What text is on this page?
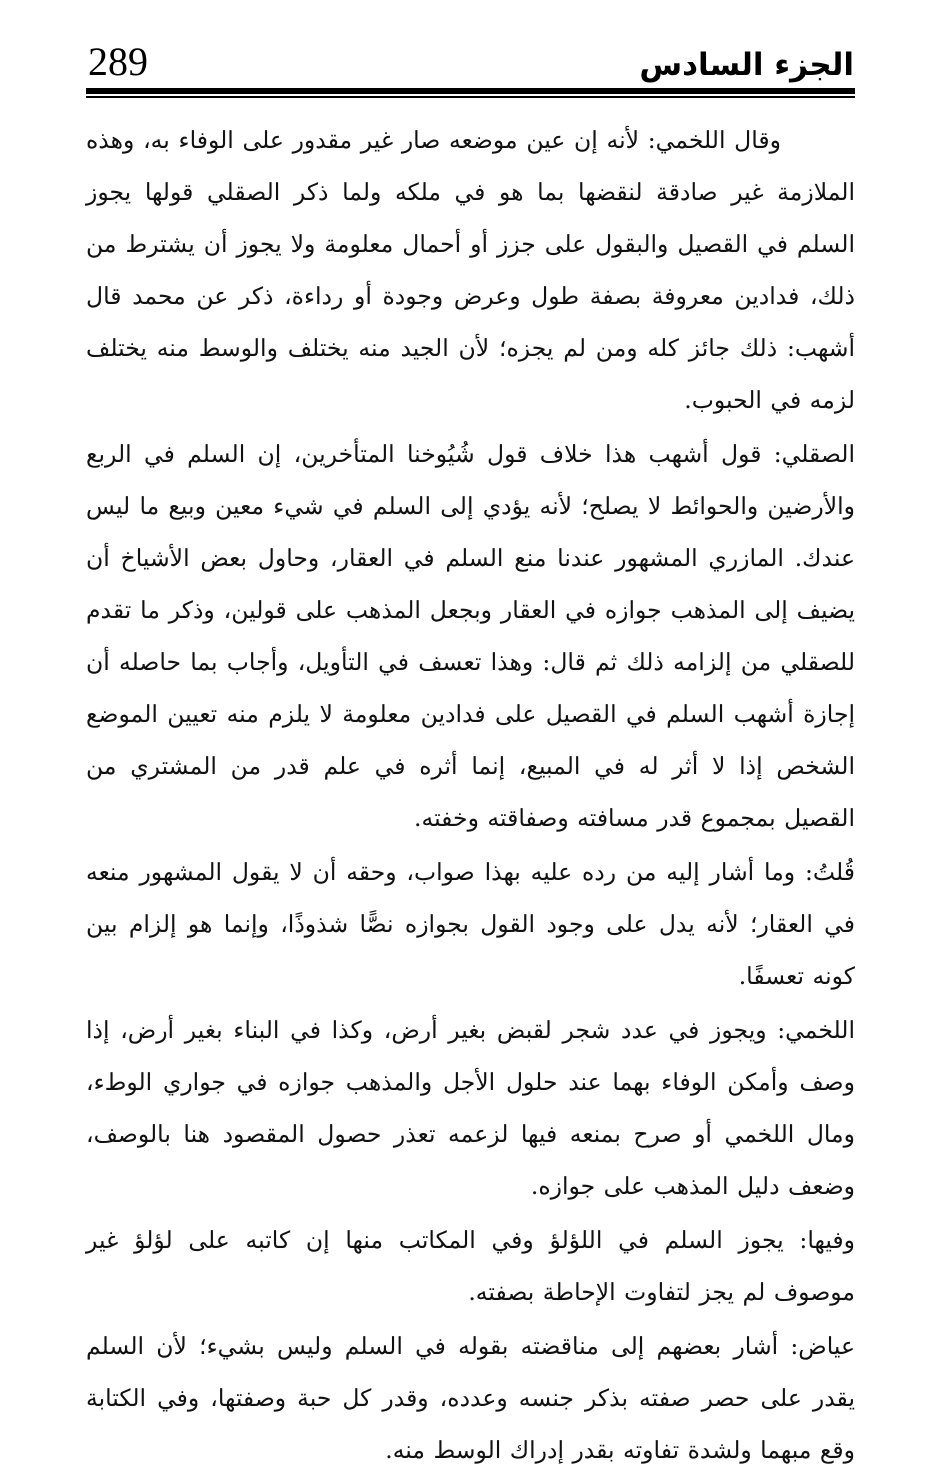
289	الجزء السادس

وقال اللخمي: لأنه إن عين موضعه صار غير مقدور على الوفاء به، وهذه الملازمة غير صادقة لنقضها بما هو في ملكه ولما ذكر الصقلي قولها يجوز السلم في القصيل والبقول على جزز أو أحمال معلومة ولا يجوز أن يشترط من ذلك، فدادين معروفة بصفة طول وعرض وجودة أو رداءة، ذكر عن محمد قال أشهب: ذلك جائز كله ومن لم يجزه؛ لأن الجيد منه يختلف والوسط منه يختلف لزمه في الحبوب.

الصقلي: قول أشهب هذا خلاف قول شُيُوخنا المتأخرين، إن السلم في الربع والأرضين والحوائط لا يصلح؛ لأنه يؤدي إلى السلم في شيء معين وبيع ما ليس عندك. المازري المشهور عندنا منع السلم في العقار، وحاول بعض الأشياخ أن يضيف إلى المذهب جوازه في العقار وبجعل المذهب على قولين، وذكر ما تقدم للصقلي من إلزامه ذلك ثم قال: وهذا تعسف في التأويل، وأجاب بما حاصله أن إجازة أشهب السلم في القصيل على فدادين معلومة لا يلزم منه تعيين الموضع الشخص إذا لا أثر له في المبيع، إنما أثره في علم قدر من المشتري من القصيل بمجموع قدر مسافته وصفاقته وخفته.

قُلتُ: وما أشار إليه من رده عليه بهذا صواب، وحقه أن لا يقول المشهور منعه في العقار؛ لأنه يدل على وجود القول بجوازه نصًّا شذوذًا، وإنما هو إلزام بين كونه تعسفًا.

اللخمي: ويجوز في عدد شجر لقبض بغير أرض، وكذا في البناء بغير أرض، إذا وصف وأمكن الوفاء بهما عند حلول الأجل والمذهب جوازه في جواري الوطء، ومال اللخمي أو صرح بمنعه فيها لزعمه تعذر حصول المقصود هنا بالوصف، وضعف دليل المذهب على جوازه.

وفيها: يجوز السلم في اللؤلؤ وفي المكاتب منها إن كاتبه على لؤلؤ غير موصوف لم يجز لتفاوت الإحاطة بصفته.

عياض: أشار بعضهم إلى مناقضته بقوله في السلم وليس بشيء؛ لأن السلم يقدر على حصر صفته بذكر جنسه وعدده، وقدر كل حبة وصفتها، وفي الكتابة وقع مبهما ولشدة تفاوته بقدر إدراك الوسط منه.
